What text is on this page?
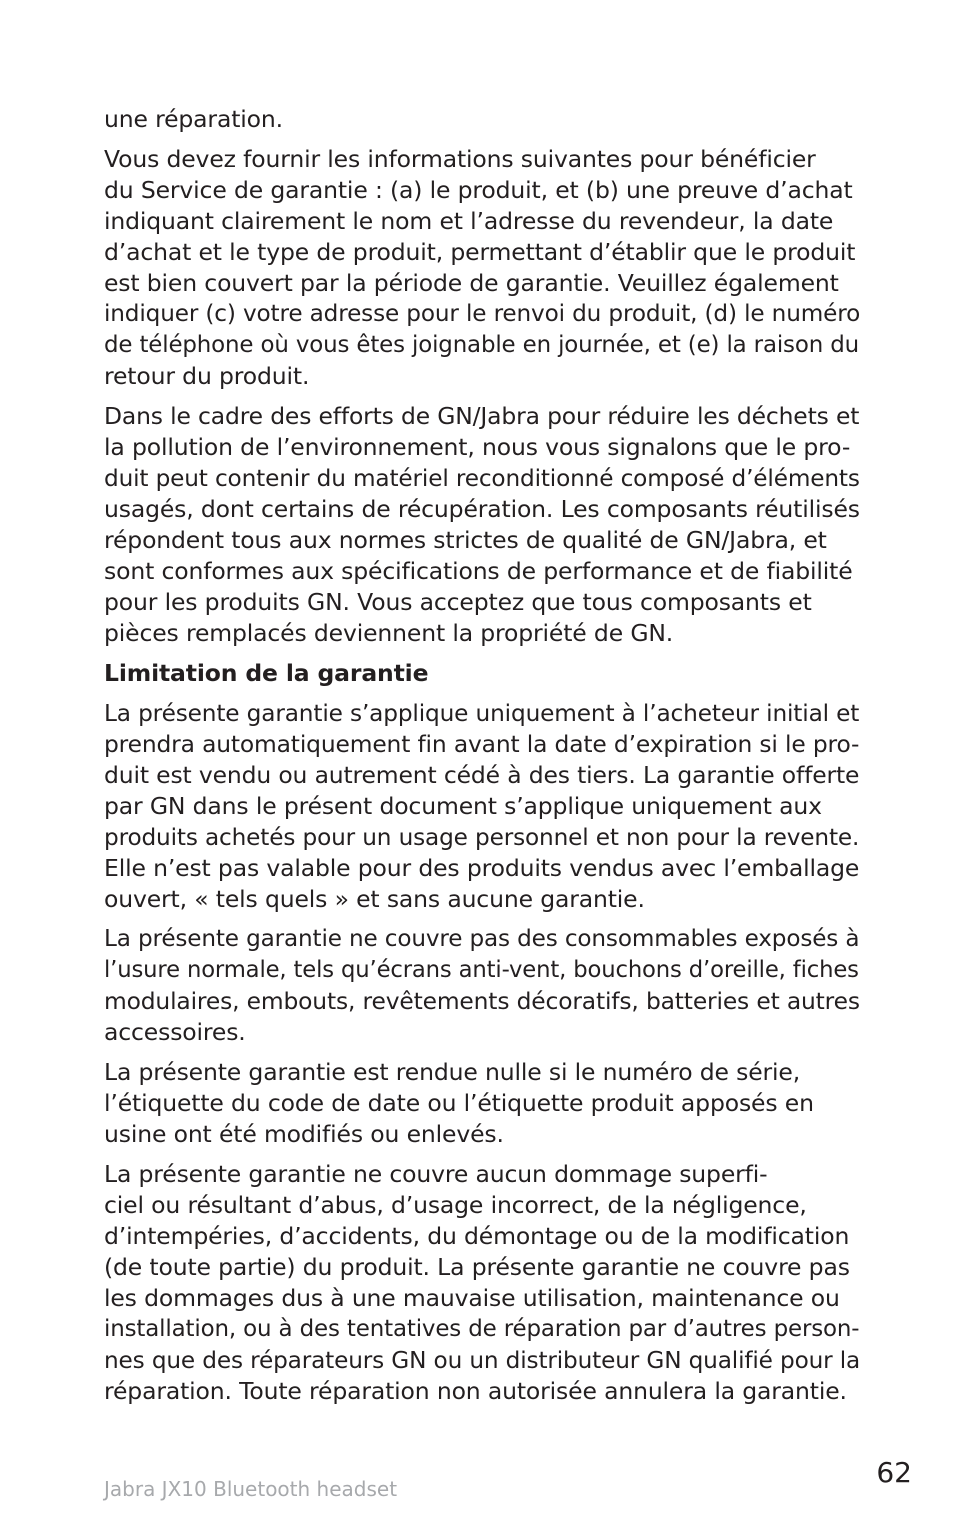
une réparation.
Vous devez fournir les informations suivantes pour bénéficier
du Service de garantie : (a) le produit, et (b) une preuve d’achat
indiquant clairement le nom et l’adresse du revendeur, la date
d’achat et le type de produit, permettant d’établir que le produit
est bien couvert par la période de garantie. Veuillez également
indiquer (c) votre adresse pour le renvoi du produit, (d) le numéro
de téléphone où vous êtes joignable en journée, et (e) la raison du
retour du produit.
Dans le cadre des efforts de GN/Jabra pour réduire les déchets et
la pollution de l’environnement, nous vous signalons que le pro-
duit peut contenir du matériel reconditionné composé d’éléments
usagés, dont certains de récupération. Les composants réutilisés
répondent tous aux normes strictes de qualité de GN/Jabra, et
sont conformes aux spécifications de performance et de fiabilité
pour les produits GN. Vous acceptez que tous composants et
pièces remplacés deviennent la propriété de GN.
Limitation de la garantie
La présente garantie s’applique uniquement à l’acheteur initial et
prendra automatiquement fin avant la date d’expiration si le pro-
duit est vendu ou autrement cédé à des tiers. La garantie offerte
par GN dans le présent document s’applique uniquement aux
produits achetés pour un usage personnel et non pour la revente.
Elle n’est pas valable pour des produits vendus avec l’emballage
ouvert, « tels quels » et sans aucune garantie.
La présente garantie ne couvre pas des consommables exposés à
l’usure normale, tels qu’écrans anti-vent, bouchons d’oreille, fiches
modulaires, embouts, revêtements décoratifs, batteries et autres
accessoires.
La présente garantie est rendue nulle si le numéro de série,
l’étiquette du code de date ou l’étiquette produit apposés en
usine ont été modifiés ou enlevés.
La présente garantie ne couvre aucun dommage superfi-
ciel ou résultant d’abus, d’usage incorrect, de la négligence,
d’intempéries, d’accidents, du démontage ou de la modification
(de toute partie) du produit. La présente garantie ne couvre pas
les dommages dus à une mauvaise utilisation, maintenance ou
installation, ou à des tentatives de réparation par d’autres person-
nes que des réparateurs GN ou un distributeur GN qualifié pour la
réparation. Toute réparation non autorisée annulera la garantie.
Jabra JX10 Bluetooth headset	62
